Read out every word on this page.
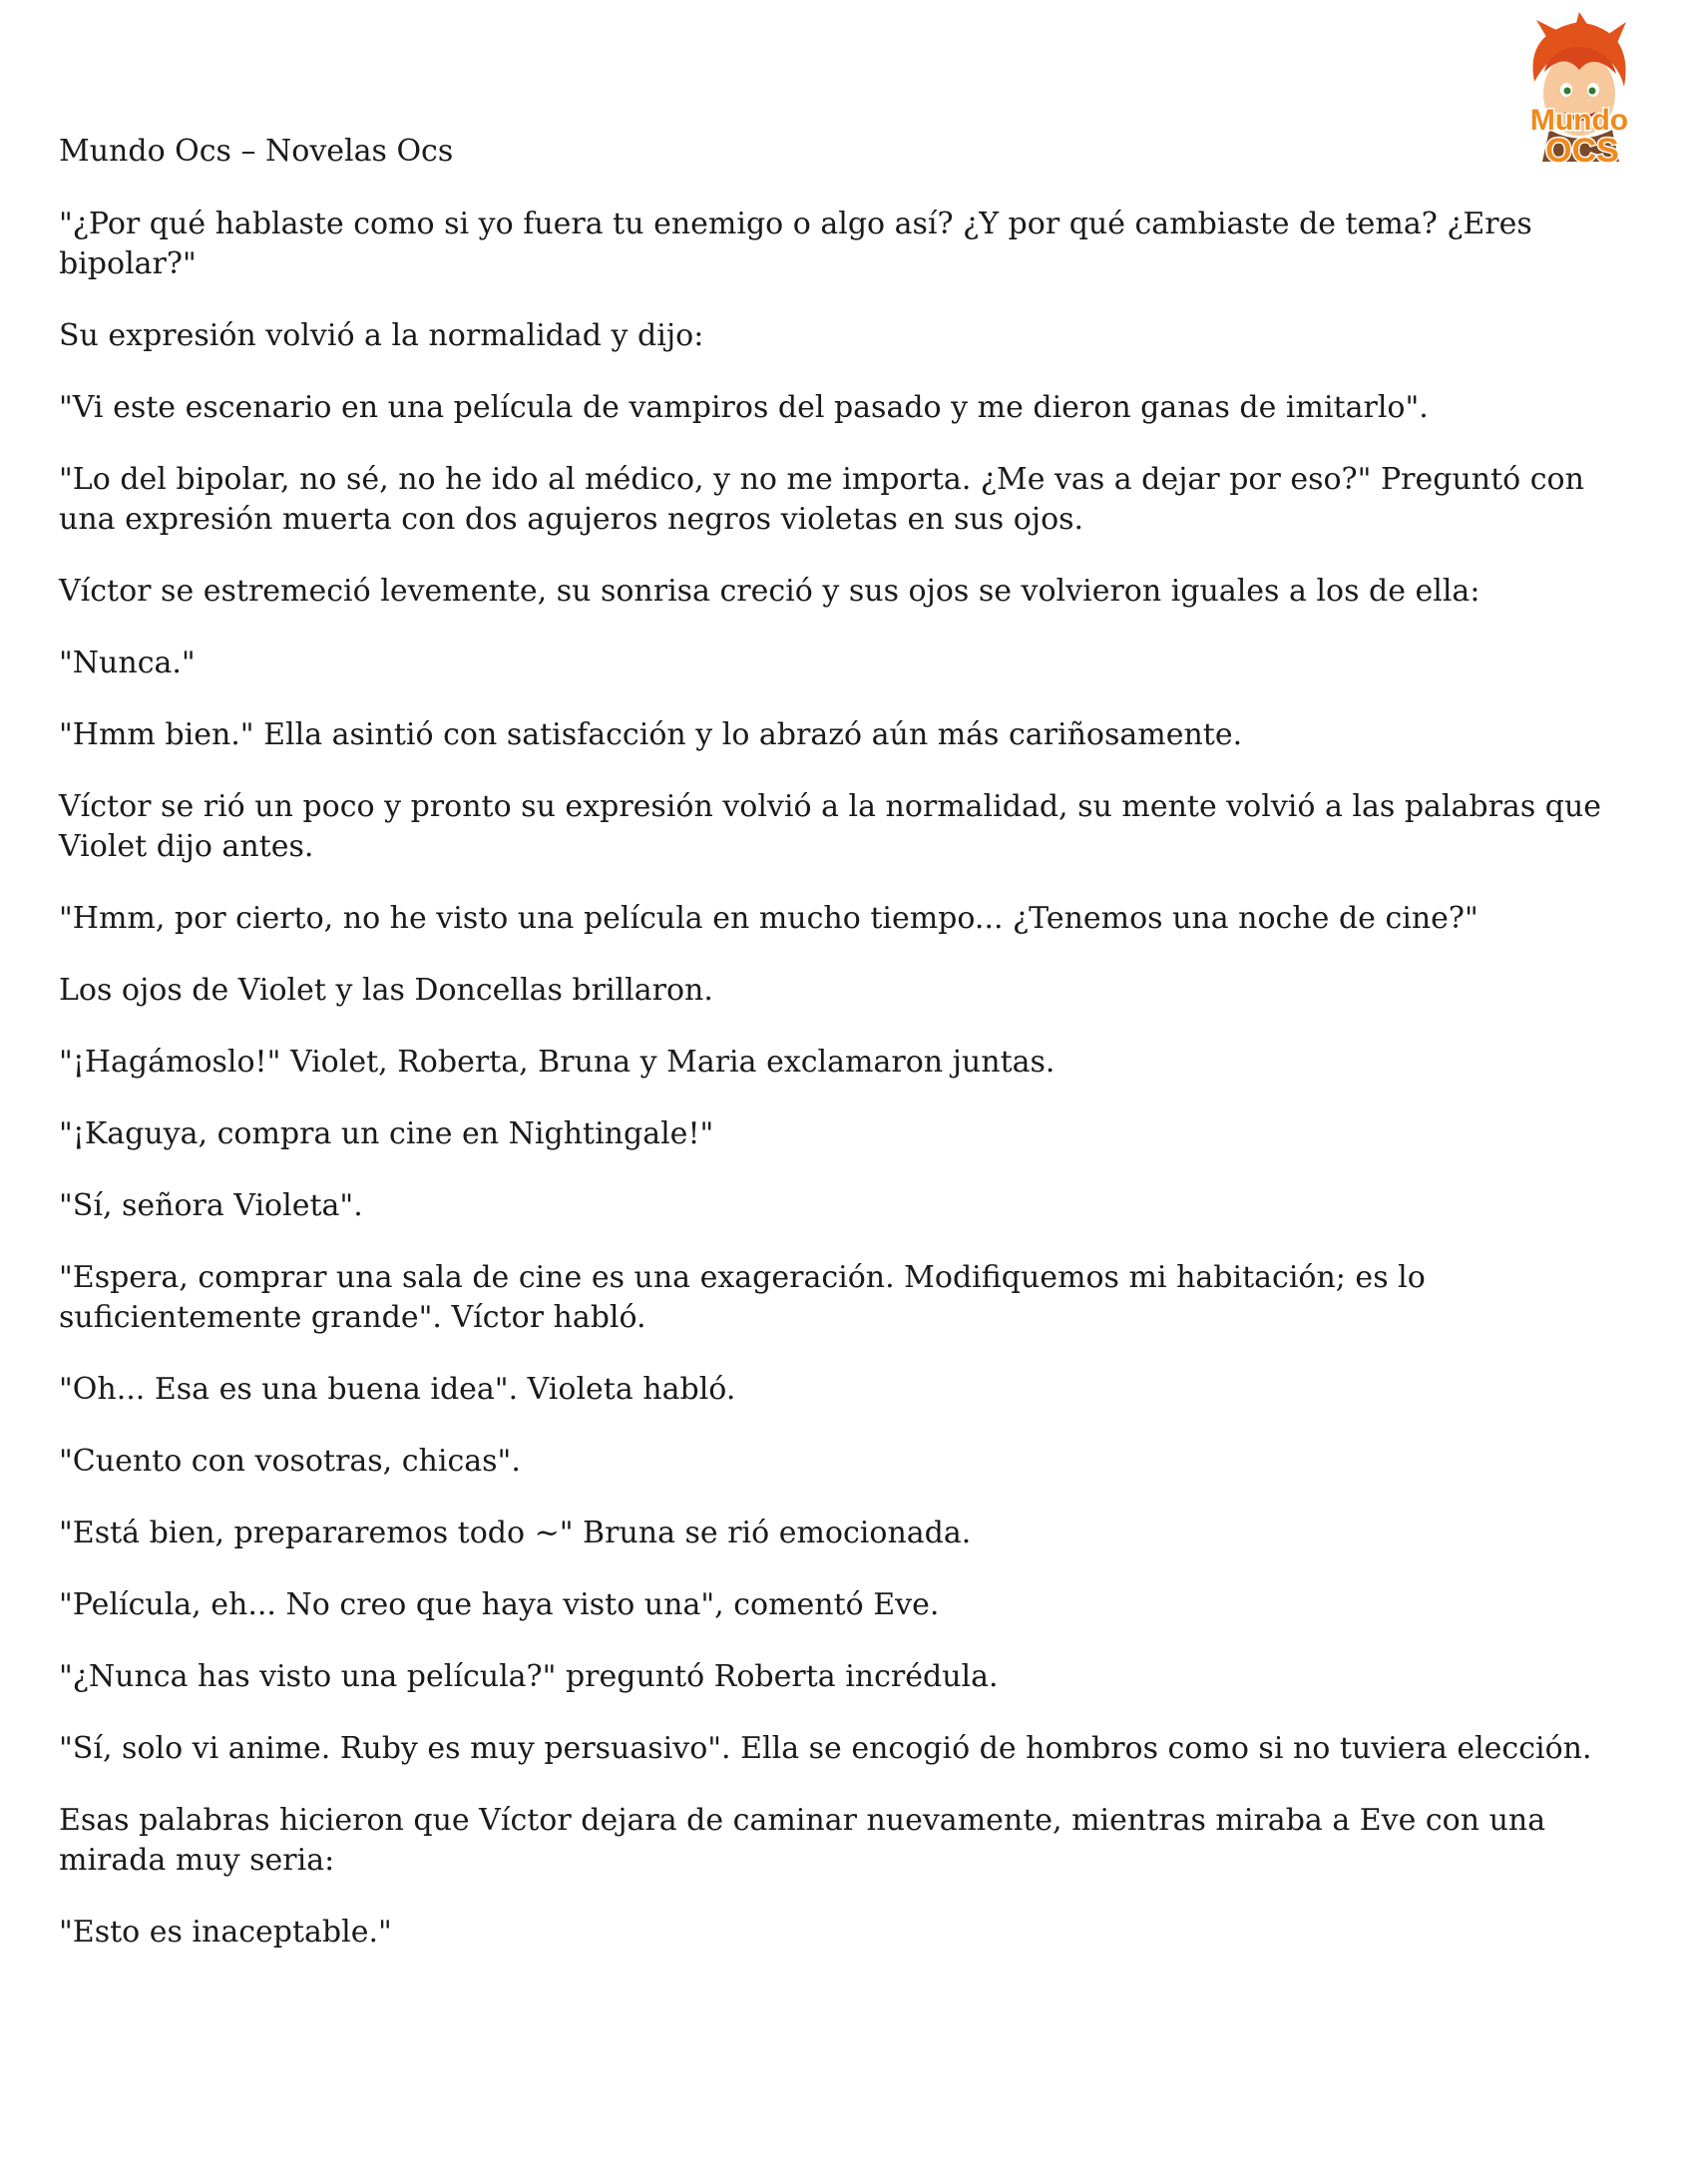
Mundo Ocs – Novelas Ocs
Mundo
OCS

"¿Por qué hablaste como si yo fuera tu enemigo o algo así? ¿Y por qué cambiaste de tema? ¿Eres bipolar?"

Su expresión volvió a la normalidad y dijo:

"Vi este escenario en una película de vampiros del pasado y me dieron ganas de imitarlo".

"Lo del bipolar, no sé, no he ido al médico, y no me importa. ¿Me vas a dejar por eso?" Preguntó con una expresión muerta con dos agujeros negros violetas en sus ojos.

Víctor se estremeció levemente, su sonrisa creció y sus ojos se volvieron iguales a los de ella:

"Nunca."

"Hmm bien." Ella asintió con satisfacción y lo abrazó aún más cariñosamente.

Víctor se rió un poco y pronto su expresión volvió a la normalidad, su mente volvió a las palabras que Violet dijo antes.

"Hmm, por cierto, no he visto una película en mucho tiempo... ¿Tenemos una noche de cine?"

Los ojos de Violet y las Doncellas brillaron.

"¡Hagámoslo!" Violet, Roberta, Bruna y Maria exclamaron juntas.

"¡Kaguya, compra un cine en Nightingale!"

"Sí, señora Violeta".

"Espera, comprar una sala de cine es una exageración. Modifiquemos mi habitación; es lo suficientemente grande". Víctor habló.

"Oh... Esa es una buena idea". Violeta habló.

"Cuento con vosotras, chicas".

"Está bien, prepararemos todo ~" Bruna se rió emocionada.

"Película, eh... No creo que haya visto una", comentó Eve.

"¿Nunca has visto una película?" preguntó Roberta incrédula.

"Sí, solo vi anime. Ruby es muy persuasivo". Ella se encogió de hombros como si no tuviera elección.

Esas palabras hicieron que Víctor dejara de caminar nuevamente, mientras miraba a Eve con una mirada muy seria:

"Esto es inaceptable."
